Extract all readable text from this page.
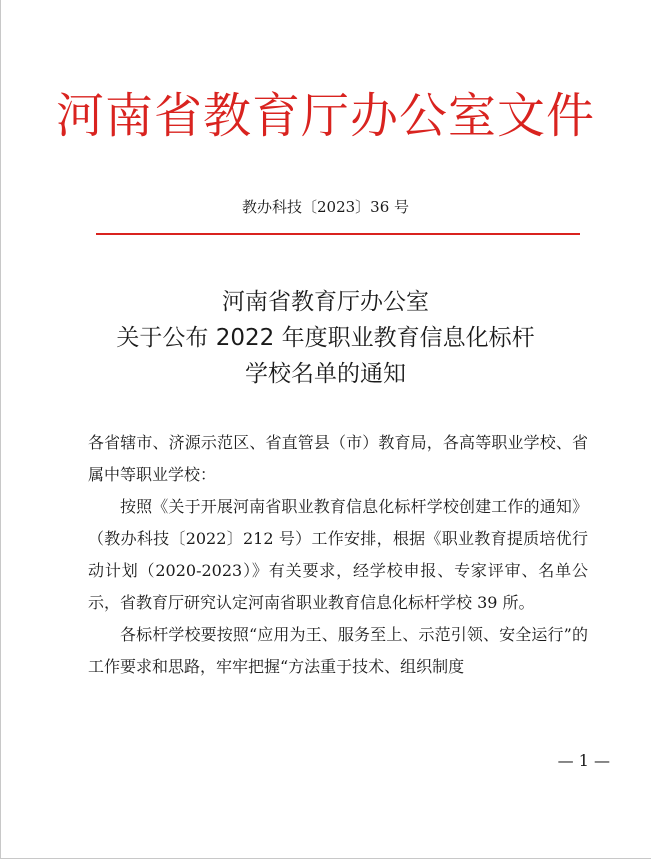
河南省教育厅办公室文件
教办科技〔2023〕36 号
河南省教育厅办公室
关于公布 2022 年度职业教育信息化标杆
学校名单的通知

各省辖市、济源示范区、省直管县（市）教育局，各高等职业学校、省属中等职业学校：

按照《关于开展河南省职业教育信息化标杆学校创建工作的通知》（教办科技〔2022〕212 号）工作安排，根据《职业教育提质培优行动计划（2020-2023）》有关要求，经学校申报、专家评审、名单公示，省教育厅研究认定河南省职业教育信息化标杆学校 39 所。

各标杆学校要按照“应用为王、服务至上、示范引领、安全运行”的工作要求和思路，牢牢把握“方法重于技术、组织制度

— 1 —
